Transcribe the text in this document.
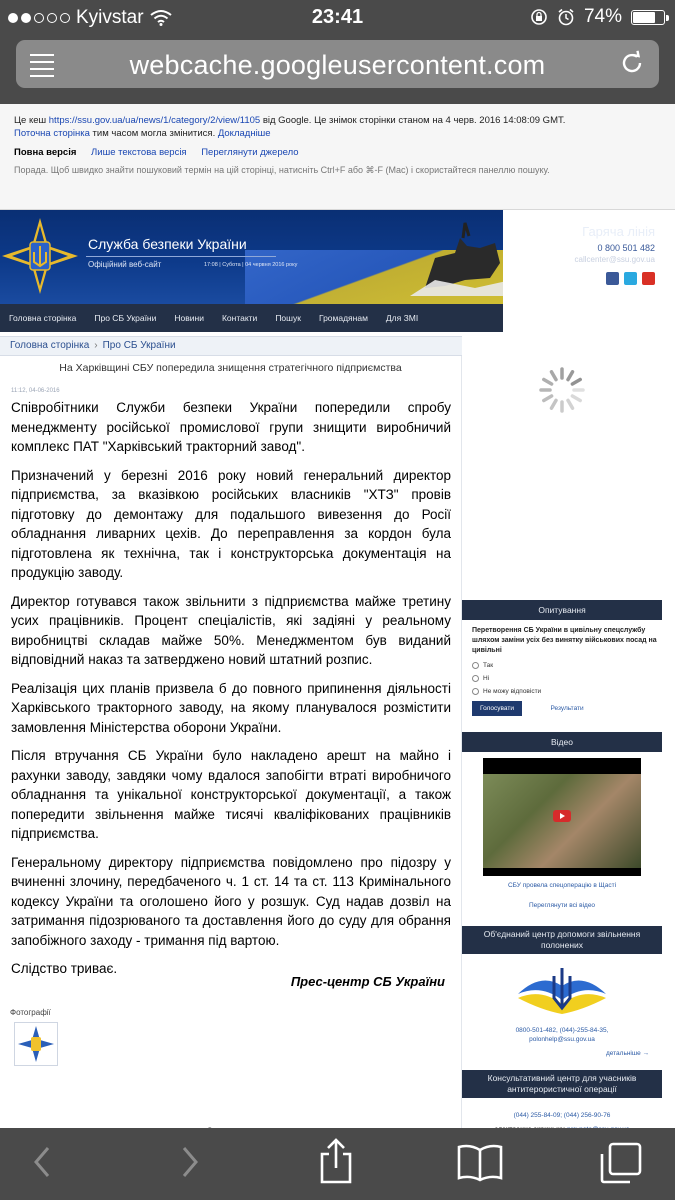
Kyivstar	23:41	74%
webcache.googleusercontent.com
Це кеш https://ssu.gov.ua/ua/news/1/category/2/view/1105 від Google. Це знімок сторінки станом на 4 черв. 2016 14:08:09 GMT.
Поточна сторінка тим часом могла змінитися. Докладніше
Повна версія Лише текстова версія Переглянути джерело
Порада. Щоб швидко знайти пошуковий термін на цій сторінці, натисніть Ctrl+F або ⌘-F (Mac) і скористайтеся панеллю пошуку.
Служба безпеки України
Офіційний веб-сайт	17:08 | Субота | 04 червня 2016 року
Гаряча лінія
0 800 501 482
callcenter@ssu.gov.ua
Головна сторінка	Про СБ України	Новини	Контакти	Пошук	Громадянам	Для ЗМІ
Головна сторінка › Про СБ України
На Харківщині СБУ попередила знищення стратегічного підприємства
11:12, 04-06-2016

Співробітники Служби безпеки України попередили спробу менеджменту російської промислової групи знищити виробничий комплекс ПАТ "Харківський тракторний завод".

Призначений у березні 2016 року новий генеральний директор підприємства, за вказівкою російських власників "ХТЗ" провів підготовку до демонтажу для подальшого вивезення до Росії обладнання ливарних цехів. До переправлення за кордон була підготовлена як технічна, так і конструкторська документація на продукцію заводу.

Директор готувався також звільнити з підприємства майже третину усих працівників. Процент спеціалістів, які задіяні у реальному виробництві складав майже 50%. Менеджментом був виданий відповідний наказ та затверджено новий штатний розпис.

Реалізація цих планів призвела б до повного припинення діяльності Харківського тракторного заводу, на якому планувалося розмістити замовлення Міністерства оборони України.

Після втручання СБ України було накладено арешт на майно і рахунки заводу, завдяки чому вдалося запобігти втраті виробничого обладнання та унікальної конструкторської документації, а також попередити звільнення майже тисячі кваліфікованих працівників підприємства.

Генеральному директору підприємства повідомлено про підозру у вчиненні злочину, передбаченого ч. 1 ст. 14 та ст. 113 Кримінального кодексу України та оголошено його у розшук. Суд надав дозвіл на затримання підозрюваного та доставлення його до суду для обрання запобіжного заходу - тримання під вартою.

Слідство триває.

Прес-центр СБ України
Фотографії
Опитування
Перетворення СБ України в цивільну спецслужбу шляхом заміни усіх без винятку військових посад на цивільні
Так
Ні
Не можу відповісти
Голосувати	Результати
Відео
СБУ провела спецоперацію в Щасті
Переглянути всі відео
Об'єднаний центр допомоги звільнення полонених
0800-501-482, (044)-255-84-35,
polonhelp@ssu.gov.ua
детальніше →
Консультативний центр для учасників антитерористичної операції
(044) 255-84-09; (044) 256-90-76
